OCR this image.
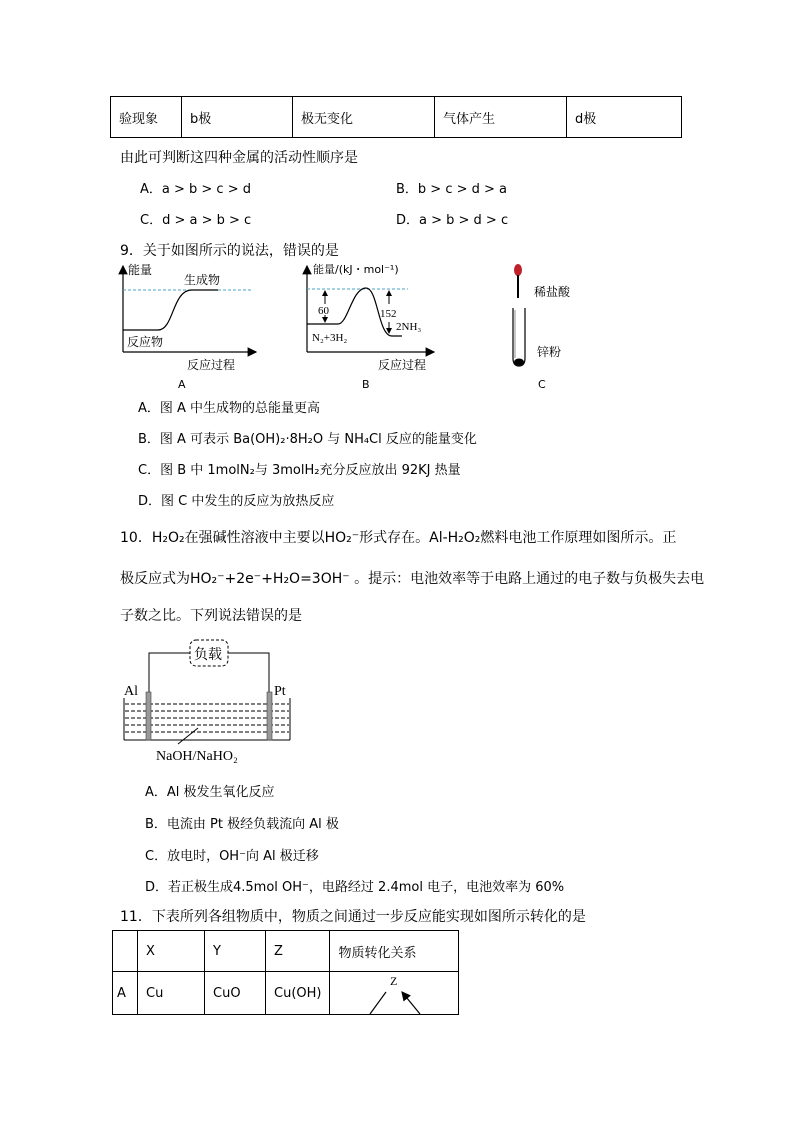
验现象	b极	极无变化	气体产生	d极
由此可判断这四种金属的活动性顺序是
A．a > b > c > d	B．b > c > d > a
C．d > a > b > c	D．a > b > d > c
9．关于如图所示的说法，错误的是
能量
生成物
反应物
反应过程
A
能量/(kJ・mol⁻¹)
60	152
2NH₃
N₂+3H₂
反应过程
B
稀盐酸
锌粉
C
A．图 A 中生成物的总能量更高
B．图 A 可表示 Ba(OH)₂·8H₂O 与 NH₄Cl 反应的能量变化
C．图 B 中 1molN₂与 3molH₂充分反应放出 92KJ 热量
D．图 C 中发生的反应为放热反应
10．H₂O₂在强碱性溶液中主要以HO₂⁻形式存在。Al-H₂O₂燃料电池工作原理如图所示。正
极反应式为HO₂⁻+2e⁻+H₂O=3OH⁻ 。提示：电池效率等于电路上通过的电子数与负极失去电
子数之比。下列说法错误的是
负载
Al	Pt
NaOH/NaHO₂
A．Al 极发生氧化反应
B．电流由 Pt 极经负载流向 Al 极
C．放电时，OH⁻向 Al 极迁移
D．若正极生成4.5mol OH⁻，电路经过 2.4mol 电子，电池效率为 60%
11．下表所列各组物质中，物质之间通过一步反应能实现如图所示转化的是
	X	Y	Z	物质转化关系
A	Cu	CuO	Cu(OH)	Z
